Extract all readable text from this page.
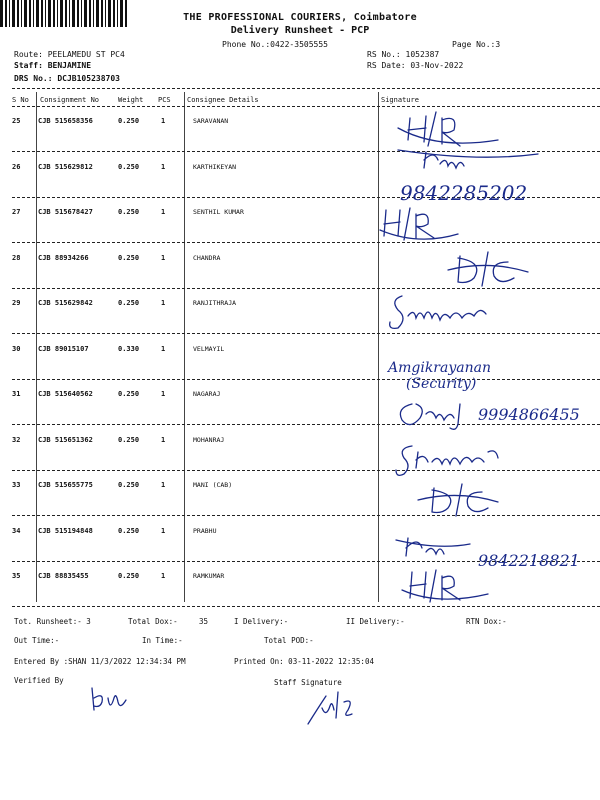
THE PROFESSIONAL COURIERS, Coimbatore
Delivery Runsheet - PCP
Phone No.:0422-3505555	Page No.:3
Route: PEELAMEDU ST PC4
Staff: BENJAMINE
DRS No.: DCJB105238703
RS No.: 1052387
RS Date: 03-Nov-2022
S No Consignment No	Weight PCS Consignee Details	Signature
25	CJB 515658356	0.250	1	SARAVANAN
26	CJB 515629812	0.250	1	KARTHIKEYAN
27	CJB 515678427	0.250	1	SENTHIL KUMAR
28	CJB 88934266	0.250	1	CHANDRA
29	CJB 515629842	0.250	1	RANJITHRAJA
30	CJB 89015107	0.330	1	VELMAYIL
31	CJB 515640562	0.250	1	NAGARAJ
32	CJB 515651362	0.250	1	MOHANRAJ
33	CJB 515655775	0.250	1	MANI (CAB)
34	CJB 515194848	0.250	1	PRABHU
35	CJB 88835455	0.250	1	RAMKUMAR
H/R
9842285202
Amgikrayanan
(Security)
9994866455
9842218821
Tot. Runsheet:- 3	Total Dox:-	35	I Delivery:-	II Delivery:-	RTN Dox:-
Out Time:-	In Time:-	Total POD:-
Entered By :SHAN 11/3/2022 12:34:34 PM	Printed On: 03-11-2022 12:35:04
Verified By	Staff Signature
